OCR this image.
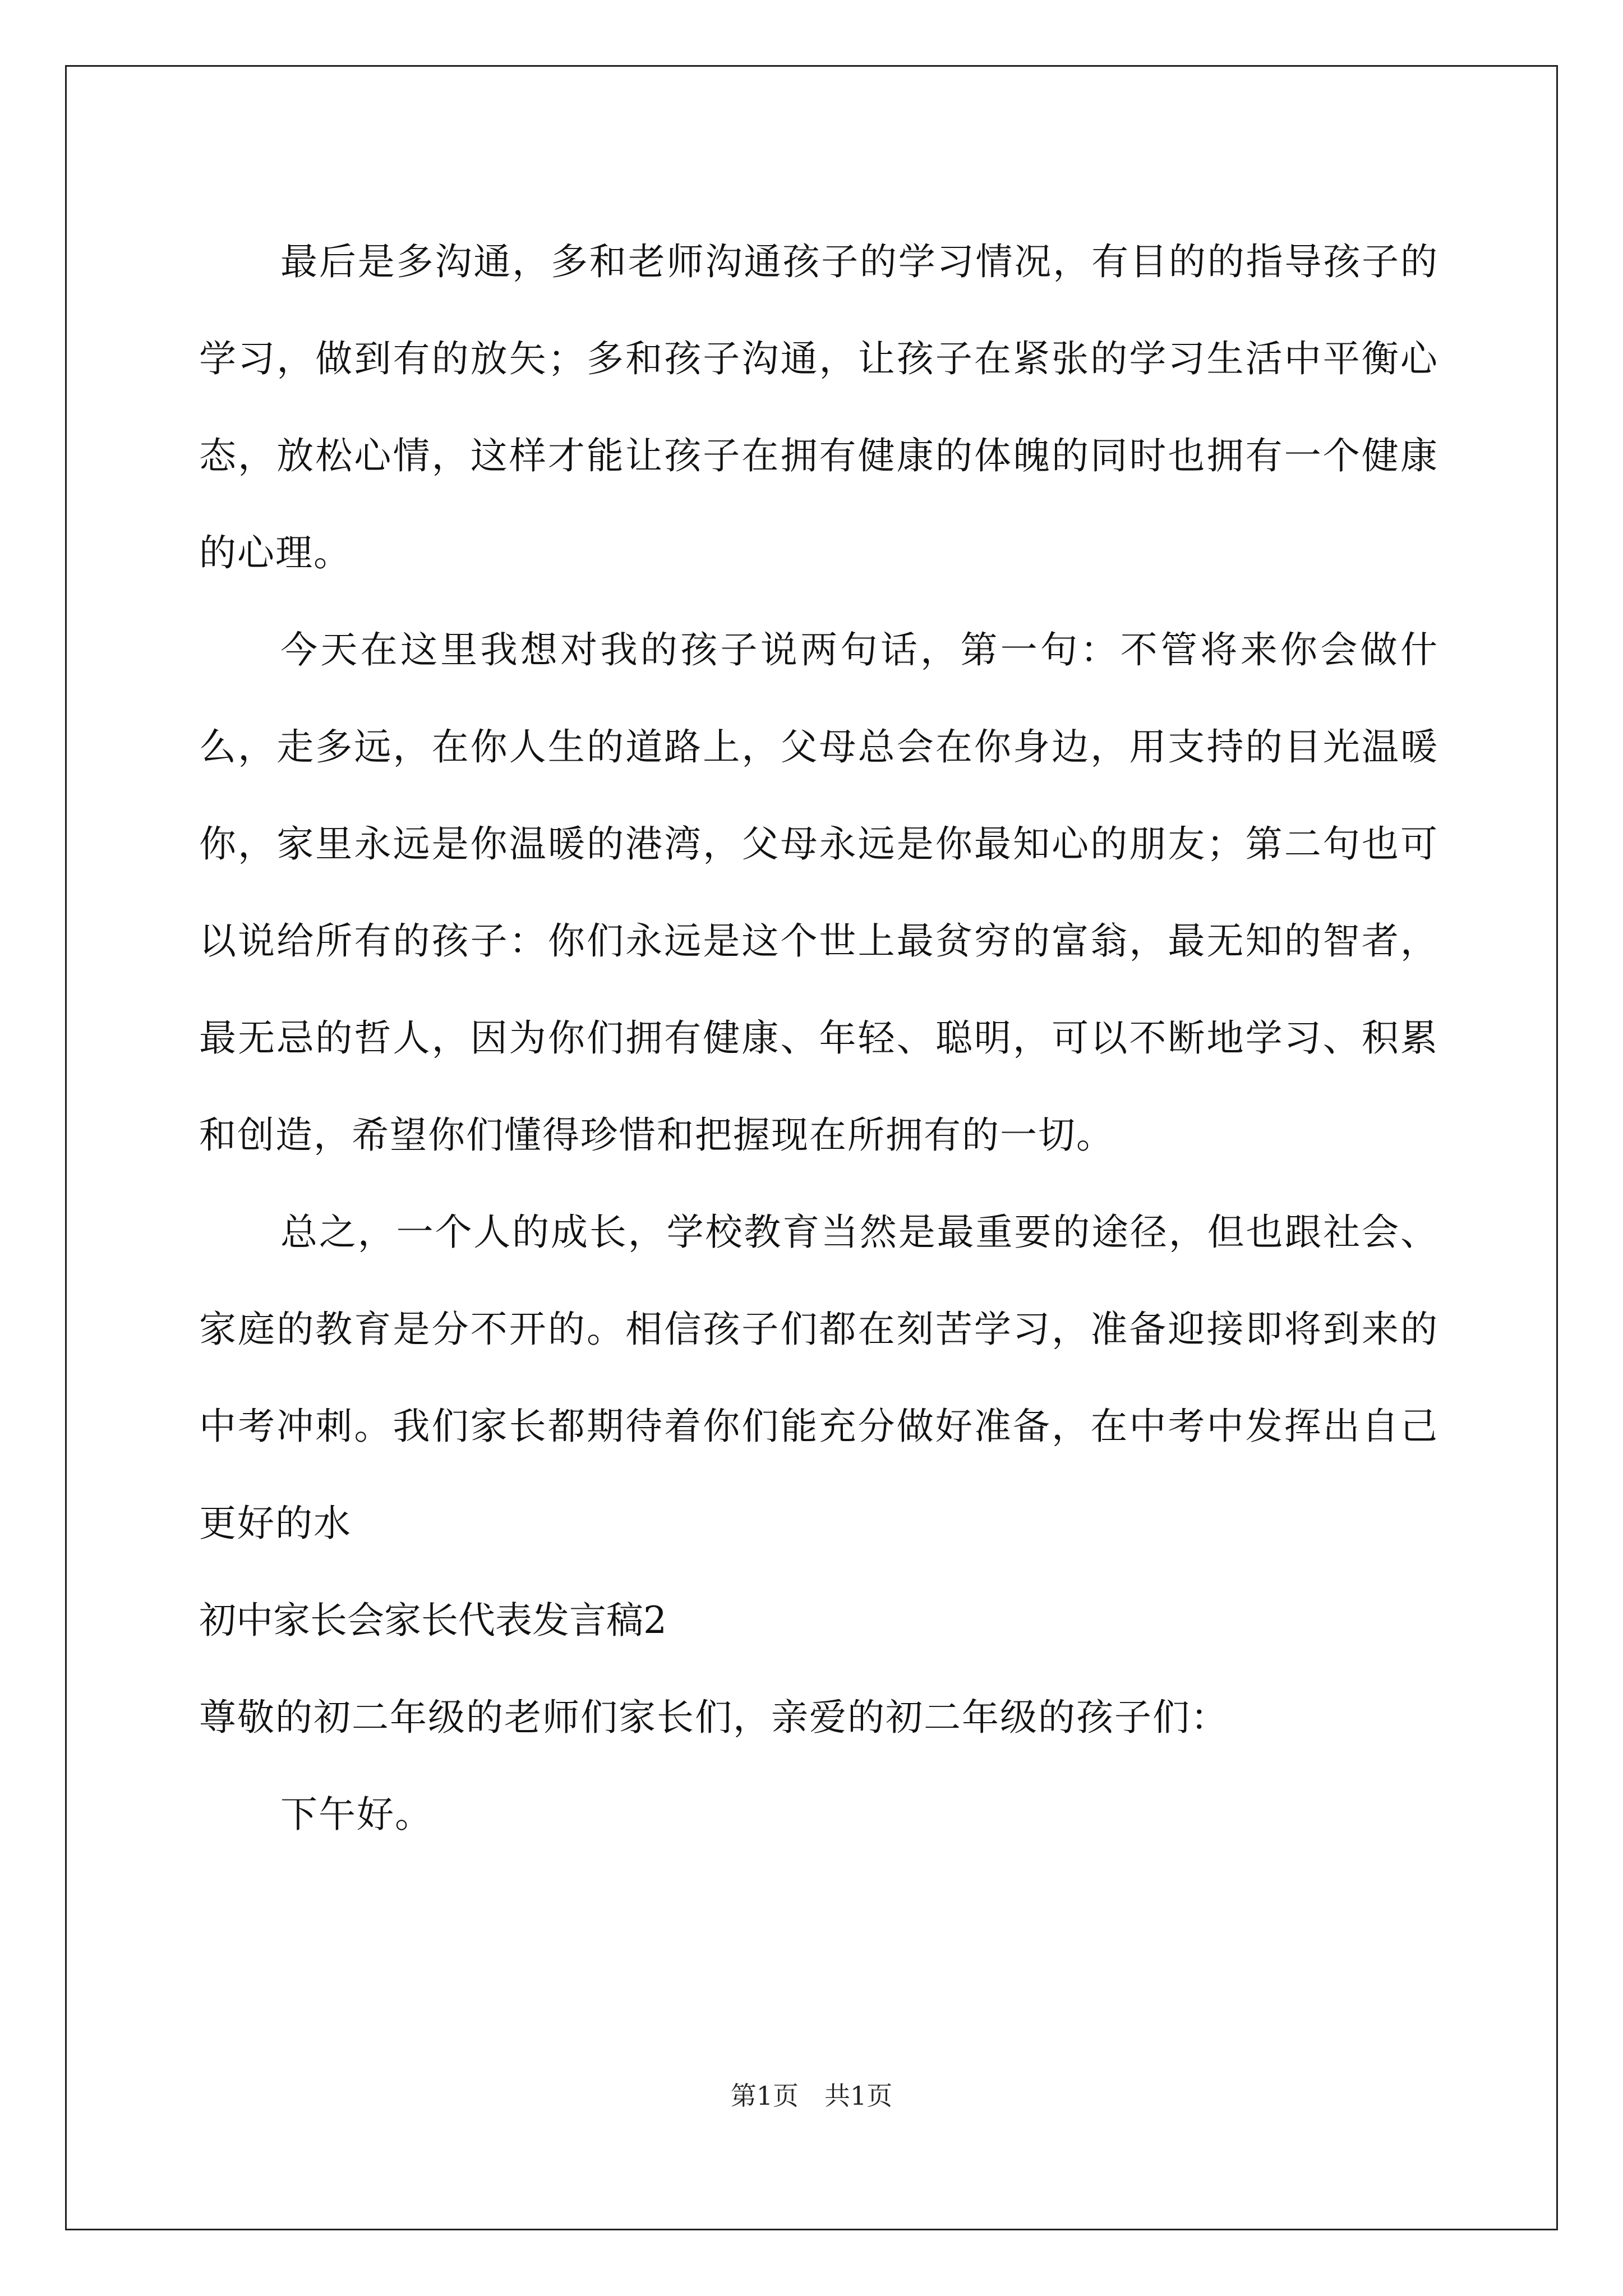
最后是多沟通，多和老师沟通孩子的学习情况，有目的的指导孩子的学习，做到有的放矢；多和孩子沟通，让孩子在紧张的学习生活中平衡心态，放松心情，这样才能让孩子在拥有健康的体魄的同时也拥有一个健康的心理。

今天在这里我想对我的孩子说两句话，第一句：不管将来你会做什么，走多远，在你人生的道路上，父母总会在你身边，用支持的目光温暖你，家里永远是你温暖的港湾，父母永远是你最知心的朋友；第二句也可以说给所有的孩子：你们永远是这个世上最贫穷的富翁，最无知的智者，最无忌的哲人，因为你们拥有健康、年轻、聪明，可以不断地学习、积累和创造，希望你们懂得珍惜和把握现在所拥有的一切。

总之，一个人的成长，学校教育当然是最重要的途径，但也跟社会、家庭的教育是分不开的。相信孩子们都在刻苦学习，准备迎接即将到来的中考冲刺。我们家长都期待着你们能充分做好准备，在中考中发挥出自己更好的水

初中家长会家长代表发言稿2

尊敬的初二年级的老师们家长们，亲爱的初二年级的孩子们：

下午好。

第1页　共1页
